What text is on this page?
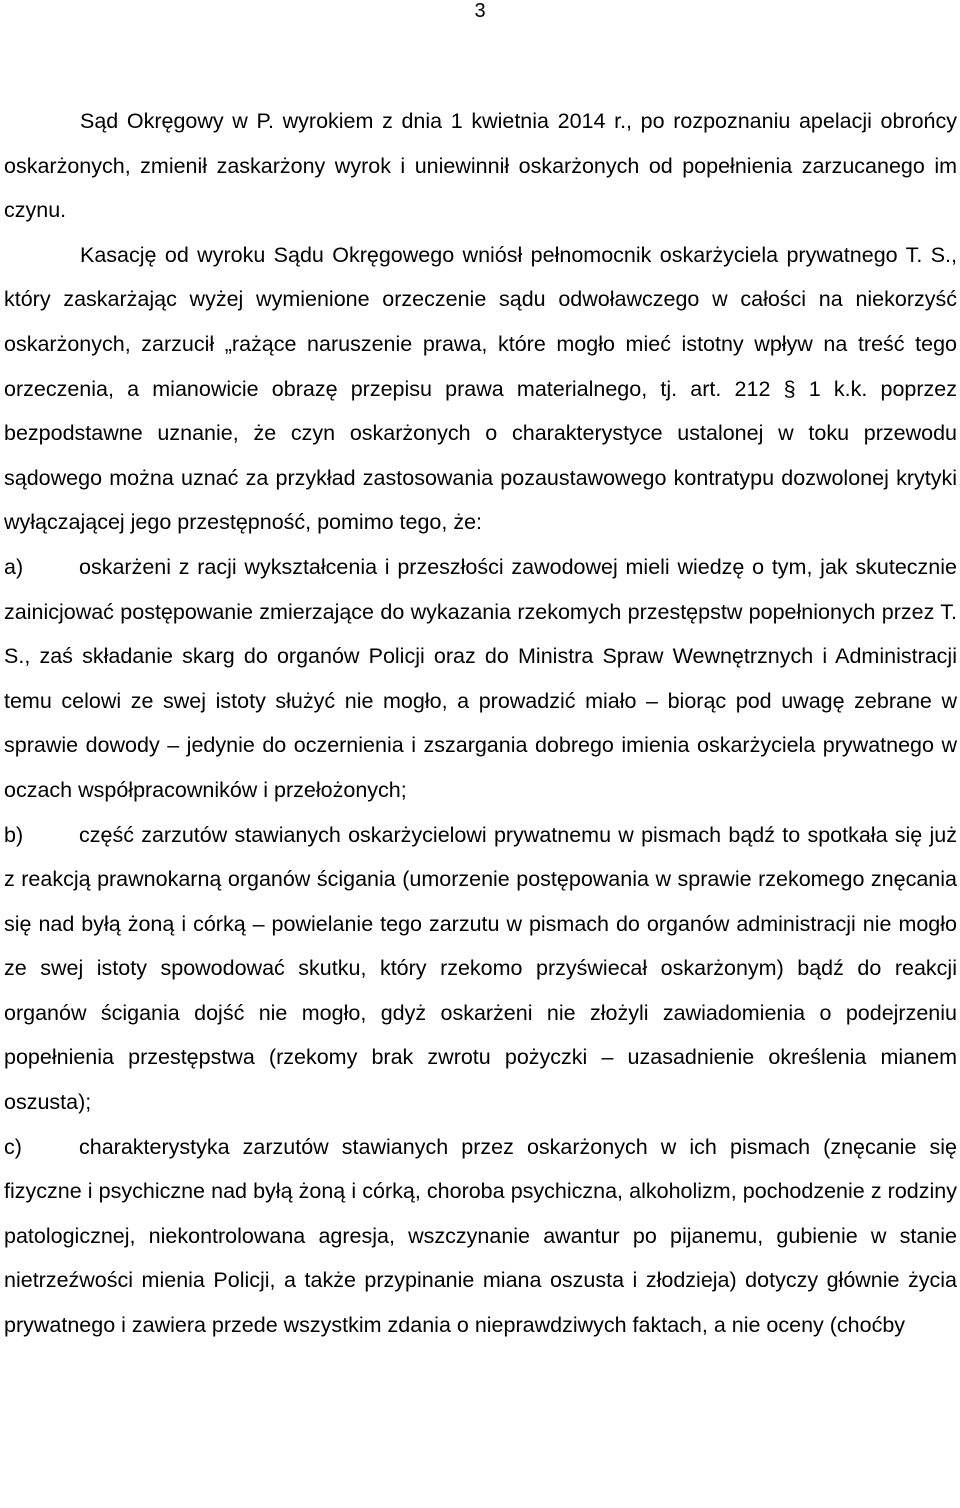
3

Sąd Okręgowy w P. wyrokiem z dnia 1 kwietnia 2014 r., po rozpoznaniu apelacji obrońcy oskarżonych, zmienił zaskarżony wyrok i uniewinnił oskarżonych od popełnienia zarzucanego im czynu.

Kasację od wyroku Sądu Okręgowego wniósł pełnomocnik oskarżyciela prywatnego T. S., który zaskarżając wyżej wymienione orzeczenie sądu odwoławczego w całości na niekorzyść oskarżonych, zarzucił „rażące naruszenie prawa, które mogło mieć istotny wpływ na treść tego orzeczenia, a mianowicie obrazę przepisu prawa materialnego, tj. art. 212 § 1 k.k. poprzez bezpodstawne uznanie, że czyn oskarżonych o charakterystyce ustalonej w toku przewodu sądowego można uznać za przykład zastosowania pozaustawowego kontratypu dozwolonej krytyki wyłączającej jego przestępność, pomimo tego, że:

a)	oskarżeni z racji wykształcenia i przeszłości zawodowej mieli wiedzę o tym, jak skutecznie zainicjować postępowanie zmierzające do wykazania rzekomych przestępstw popełnionych przez T. S., zaś składanie skarg do organów Policji oraz do Ministra Spraw Wewnętrznych i Administracji temu celowi ze swej istoty służyć nie mogło, a prowadzić miało – biorąc pod uwagę zebrane w sprawie dowody – jedynie do oczernienia i zszargania dobrego imienia oskarżyciela prywatnego w oczach współpracowników i przełożonych;

b)	część zarzutów stawianych oskarżycielowi prywatnemu w pismach bądź to spotkała się już z reakcją prawnokarną organów ścigania (umorzenie postępowania w sprawie rzekomego znęcania się nad byłą żoną i córką – powielanie tego zarzutu w pismach do organów administracji nie mogło ze swej istoty spowodować skutku, który rzekomo przyświecał oskarżonym) bądź do reakcji organów ścigania dojść nie mogło, gdyż oskarżeni nie złożyli zawiadomienia o podejrzeniu popełnienia przestępstwa (rzekomy brak zwrotu pożyczki – uzasadnienie określenia mianem oszusta);

c)	charakterystyka zarzutów stawianych przez oskarżonych w ich pismach (znęcanie się fizyczne i psychiczne nad byłą żoną i córką, choroba psychiczna, alkoholizm, pochodzenie z rodziny patologicznej, niekontrolowana agresja, wszczynanie awantur po pijanemu, gubienie w stanie nietrzeźwości mienia Policji, a także przypinanie miana oszusta i złodzieja) dotyczy głównie życia prywatnego i zawiera przede wszystkim zdania o nieprawdziwych faktach, a nie oceny (choćby
